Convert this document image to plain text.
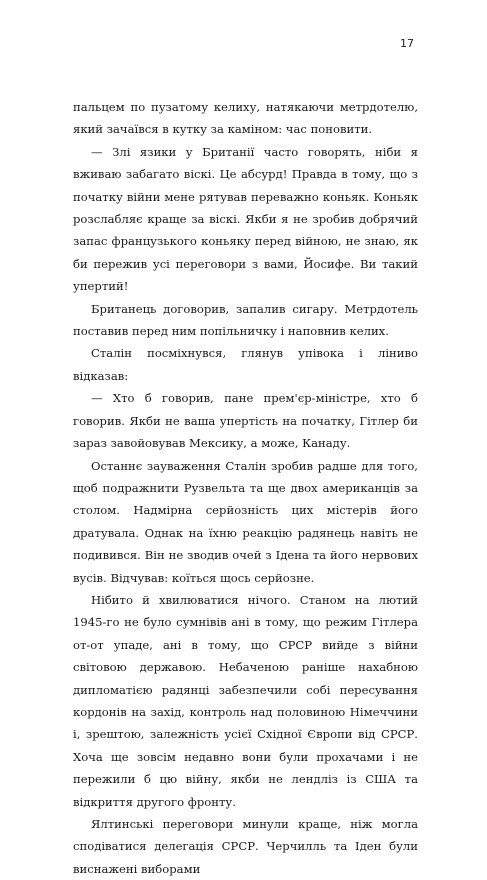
17

пальцем по пузатому келиху, натякаючи метрдотелю, який зачаївся в кутку за каміном: час поновити.

— Злі язики у Британії часто говорять, ніби я вживаю забагато віскі. Це абсурд! Правда в тому, що з початку війни мене рятував переважно коньяк. Коньяк розслабляє краще за віскі. Якби я не зробив добрячий запас французького коньяку перед війною, не знаю, як би пережив усі переговори з вами, Йосифе. Ви такий упертий!

Британець договорив, запалив сигару. Метрдотель поставив перед ним попільничку і наповнив келих.

Сталін посміхнувся, глянув упівока і ліниво відказав:

— Хто б говорив, пане прем'єр-міністре, хто б говорив. Якби не ваша упертість на початку, Гітлер би зараз завойовував Мексику, а може, Канаду.

Останнє зауваження Сталін зробив радше для того, щоб подражнити Рузвельта та ще двох американців за столом. Надмірна серйозність цих містерів його дратувала. Однак на їхню реакцію радянець навіть не подивився. Він не зводив очей з Ідена та його нервових вусів. Відчував: коїться щось серйозне.

Нібито й хвилюватися нічого. Станом на лютий 1945-го не було сумнівів ані в тому, що режим Гітлера от-от упаде, ані в тому, що СРСР вийде з війни світовою державою. Небаченою раніше нахабною дипломатією радянці забезпечили собі пересування кордонів на захід, контроль над половиною Німеччини і, зрештою, залежність усієї Східної Європи від СРСР. Хоча ще зовсім недавно вони були прохачами і не пережили б цю війну, якби не лендліз із США та відкриття другого фронту.

Ялтинські переговори минули краще, ніж могла сподіватися делегація СРСР. Черчилль та Іден були виснажені виборами
